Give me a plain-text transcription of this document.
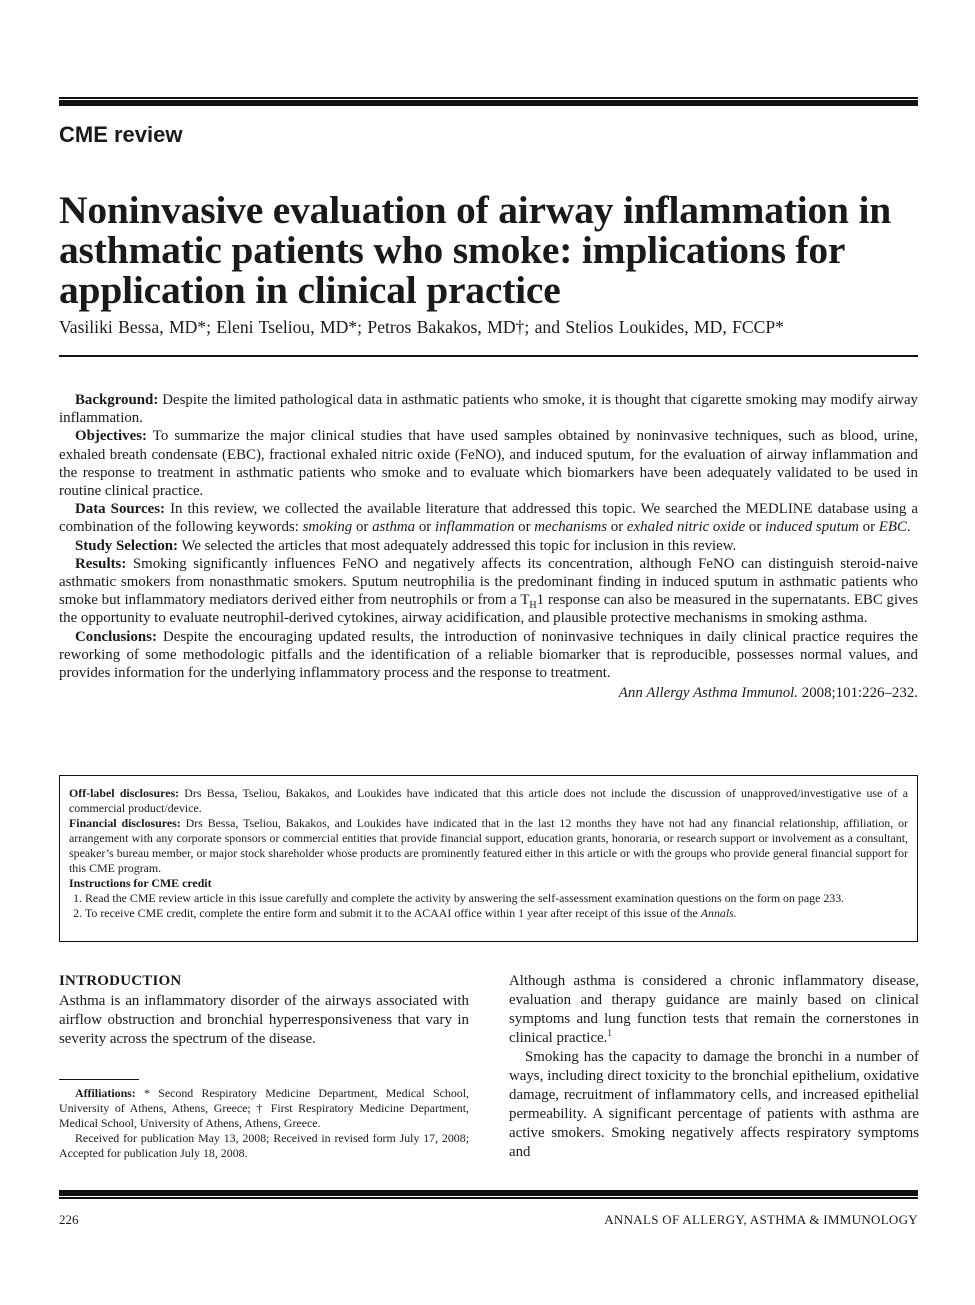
CME review
Noninvasive evaluation of airway inflammation in asthmatic patients who smoke: implications for application in clinical practice
Vasiliki Bessa, MD*; Eleni Tseliou, MD*; Petros Bakakos, MD†; and Stelios Loukides, MD, FCCP*

Background: Despite the limited pathological data in asthmatic patients who smoke, it is thought that cigarette smoking may modify airway inflammation.

Objectives: To summarize the major clinical studies that have used samples obtained by noninvasive techniques, such as blood, urine, exhaled breath condensate (EBC), fractional exhaled nitric oxide (FeNO), and induced sputum, for the evaluation of airway inflammation and the response to treatment in asthmatic patients who smoke and to evaluate which biomarkers have been adequately validated to be used in routine clinical practice.

Data Sources: In this review, we collected the available literature that addressed this topic. We searched the MEDLINE database using a combination of the following keywords: smoking or asthma or inflammation or mechanisms or exhaled nitric oxide or induced sputum or EBC.

Study Selection: We selected the articles that most adequately addressed this topic for inclusion in this review.

Results: Smoking significantly influences FeNO and negatively affects its concentration, although FeNO can distinguish steroid-naive asthmatic smokers from nonasthmatic smokers. Sputum neutrophilia is the predominant finding in induced sputum in asthmatic patients who smoke but inflammatory mediators derived either from neutrophils or from a $T_H1$ response can also be measured in the supernatants. EBC gives the opportunity to evaluate neutrophil-derived cytokines, airway acidification, and plausible protective mechanisms in smoking asthma.

Conclusions: Despite the encouraging updated results, the introduction of noninvasive techniques in daily clinical practice requires the reworking of some methodologic pitfalls and the identification of a reliable biomarker that is reproducible, possesses normal values, and provides information for the underlying inflammatory process and the response to treatment.

Ann Allergy Asthma Immunol. 2008;101:226–232.

Off-label disclosures: Drs Bessa, Tseliou, Bakakos, and Loukides have indicated that this article does not include the discussion of unapproved/investigative use of a commercial product/device.

Financial disclosures: Drs Bessa, Tseliou, Bakakos, and Loukides have indicated that in the last 12 months they have not had any financial relationship, affiliation, or arrangement with any corporate sponsors or commercial entities that provide financial support, education grants, honoraria, or research support or involvement as a consultant, speaker’s bureau member, or major stock shareholder whose products are prominently featured either in this article or with the groups who provide general financial support for this CME program.

Instructions for CME credit

1. Read the CME review article in this issue carefully and complete the activity by answering the self-assessment examination questions on the form on page 233.
2. To receive CME credit, complete the entire form and submit it to the ACAAI office within 1 year after receipt of this issue of the Annals.

INTRODUCTION

Asthma is an inflammatory disorder of the airways associated with airflow obstruction and bronchial hyperresponsiveness that vary in severity across the spectrum of the disease.

Affiliations: * Second Respiratory Medicine Department, Medical School, University of Athens, Athens, Greece; † First Respiratory Medicine Department, Medical School, University of Athens, Athens, Greece.

Received for publication May 13, 2008; Received in revised form July 17, 2008; Accepted for publication July 18, 2008.

Although asthma is considered a chronic inflammatory disease, evaluation and therapy guidance are mainly based on clinical symptoms and lung function tests that remain the cornerstones in clinical practice.$^1$

Smoking has the capacity to damage the bronchi in a number of ways, including direct toxicity to the bronchial epithelium, oxidative damage, recruitment of inflammatory cells, and increased epithelial permeability. A significant percentage of patients with asthma are active smokers. Smoking negatively affects respiratory symptoms and

226	ANNALS OF ALLERGY, ASTHMA & IMMUNOLOGY
